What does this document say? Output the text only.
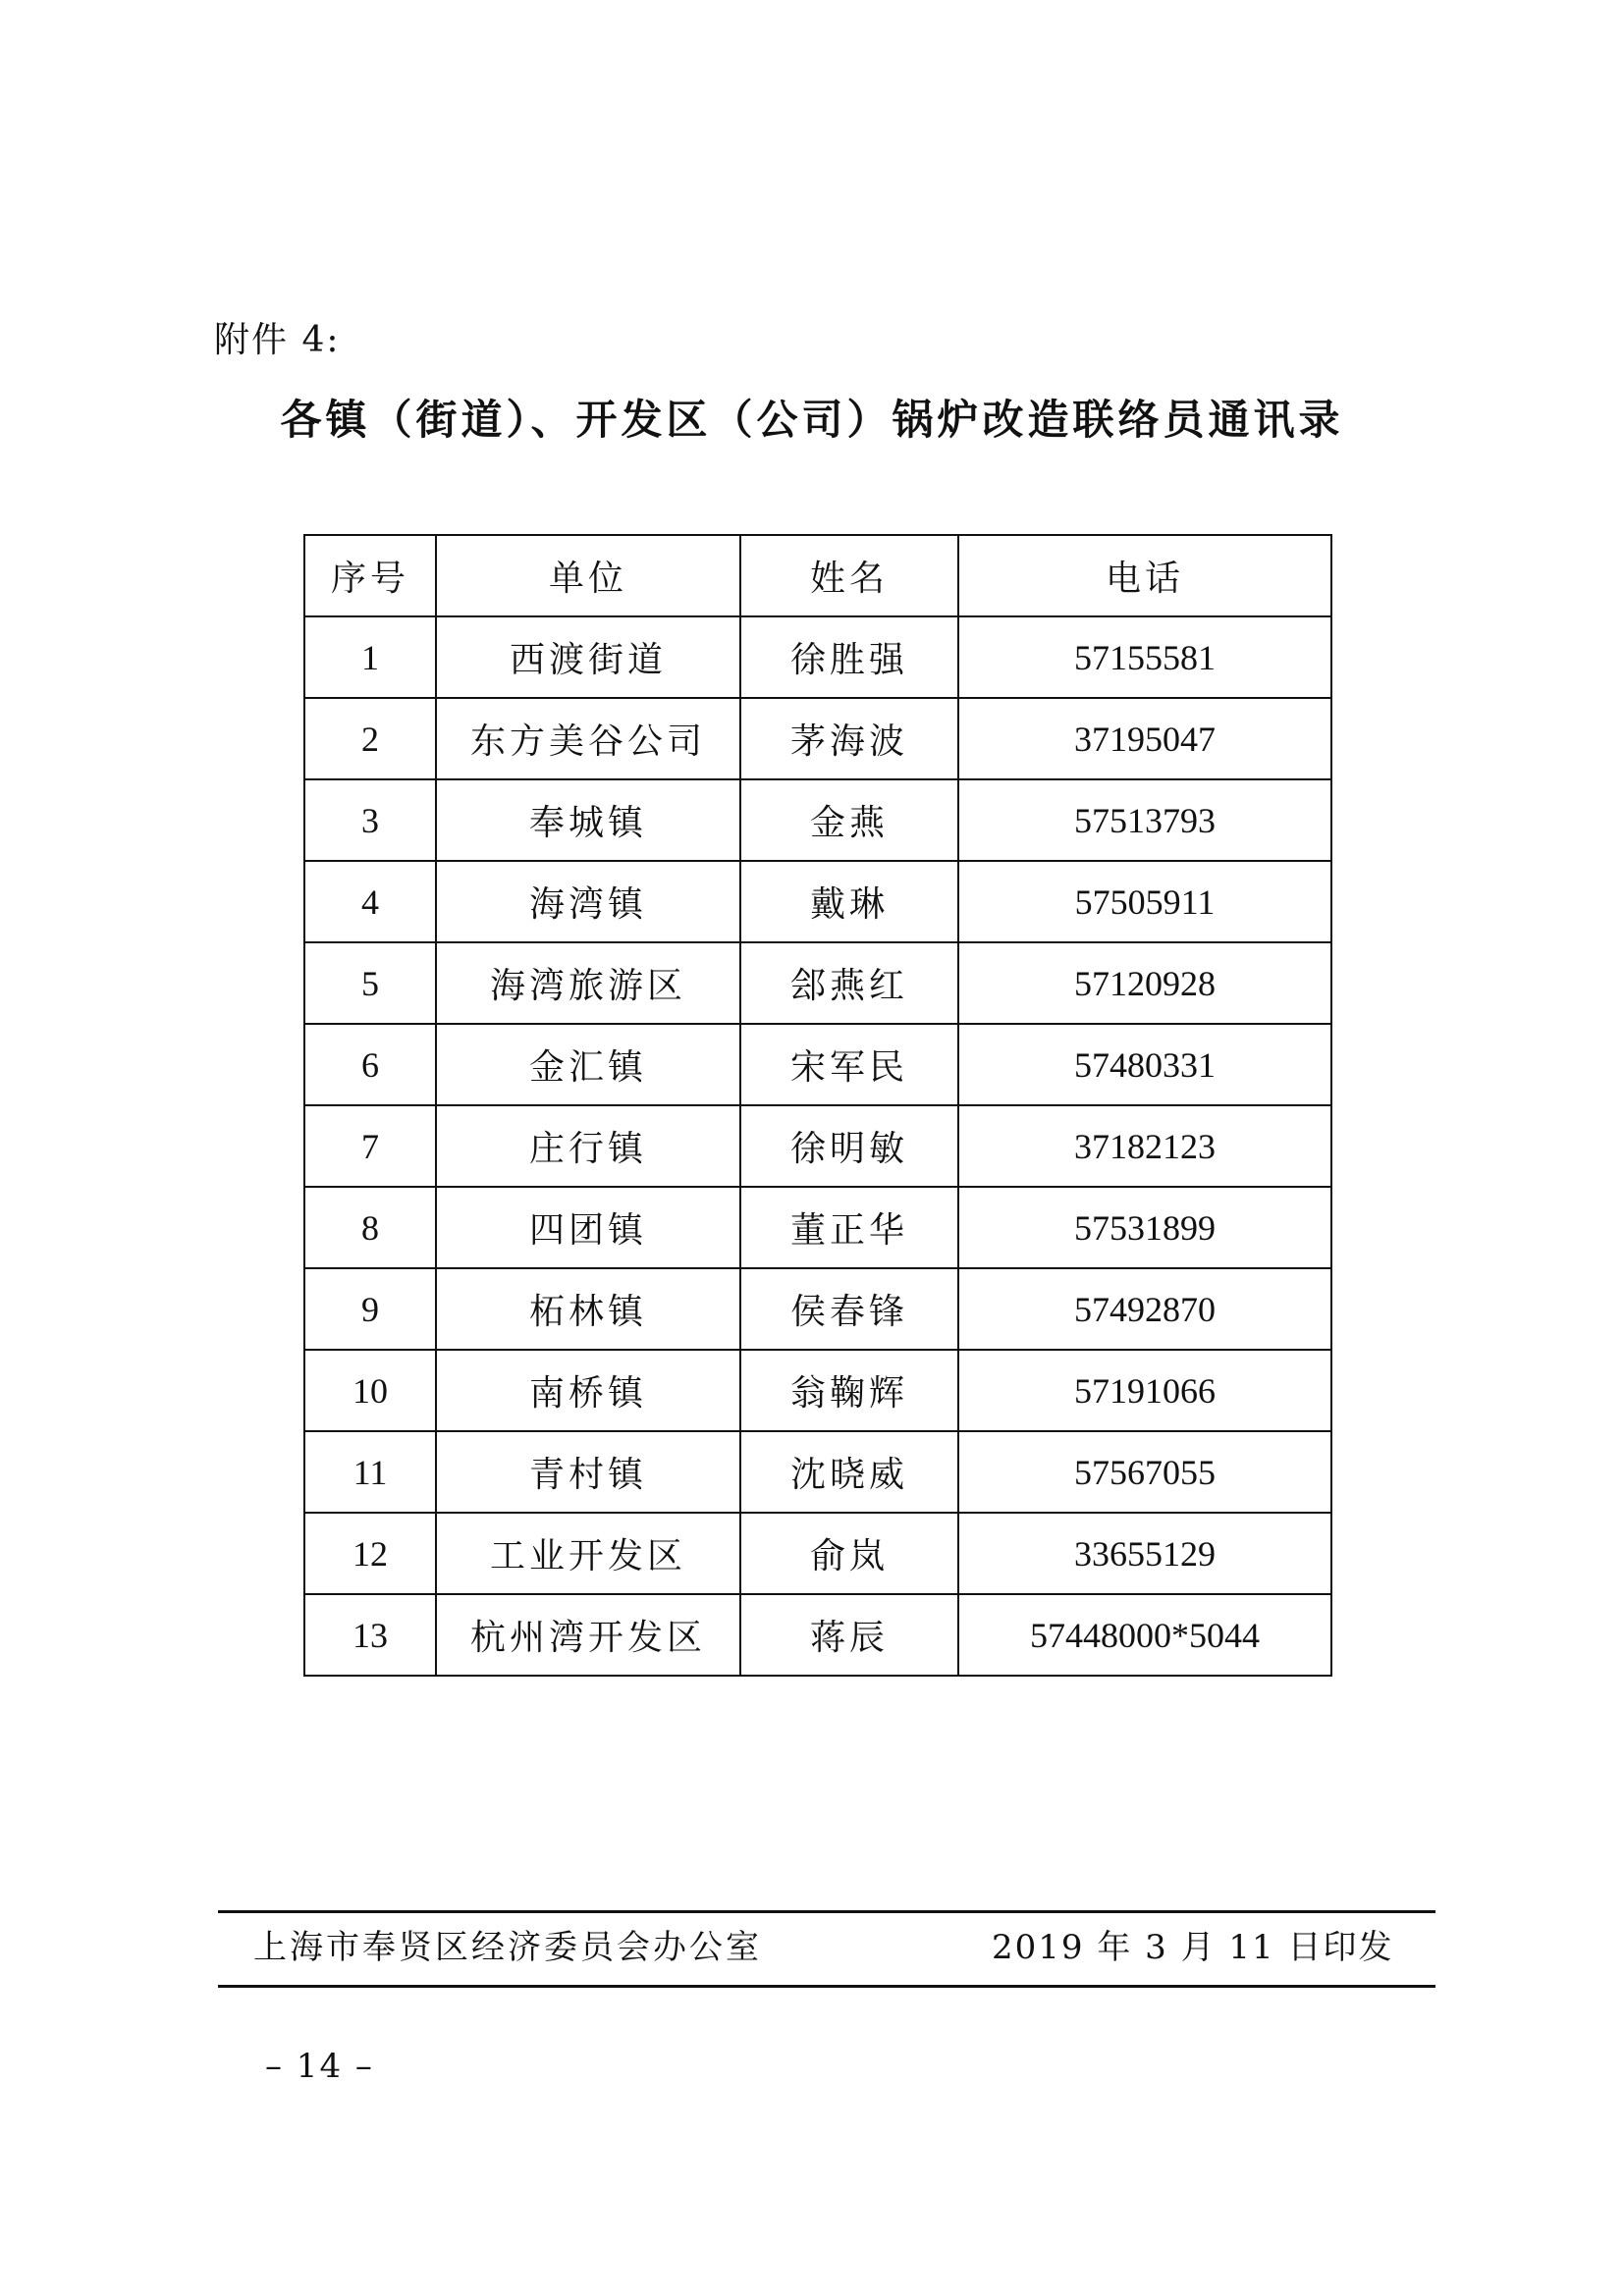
附件 4:
各镇（街道）、开发区（公司）锅炉改造联络员通讯录
序号	单位	姓名	电话
1	西渡街道	徐胜强	57155581
2	东方美谷公司	茅海波	37195047
3	奉城镇	金燕	57513793
4	海湾镇	戴琳	57505911
5	海湾旅游区	郐燕红	57120928
6	金汇镇	宋军民	57480331
7	庄行镇	徐明敏	37182123
8	四团镇	董正华	57531899
9	柘林镇	侯春锋	57492870
10	南桥镇	翁鞠辉	57191066
11	青村镇	沈晓威	57567055
12	工业开发区	俞岚	33655129
13	杭州湾开发区	蒋辰	57448000*5044
上海市奉贤区经济委员会办公室	2019 年 3 月 11 日印发
– 14 –
